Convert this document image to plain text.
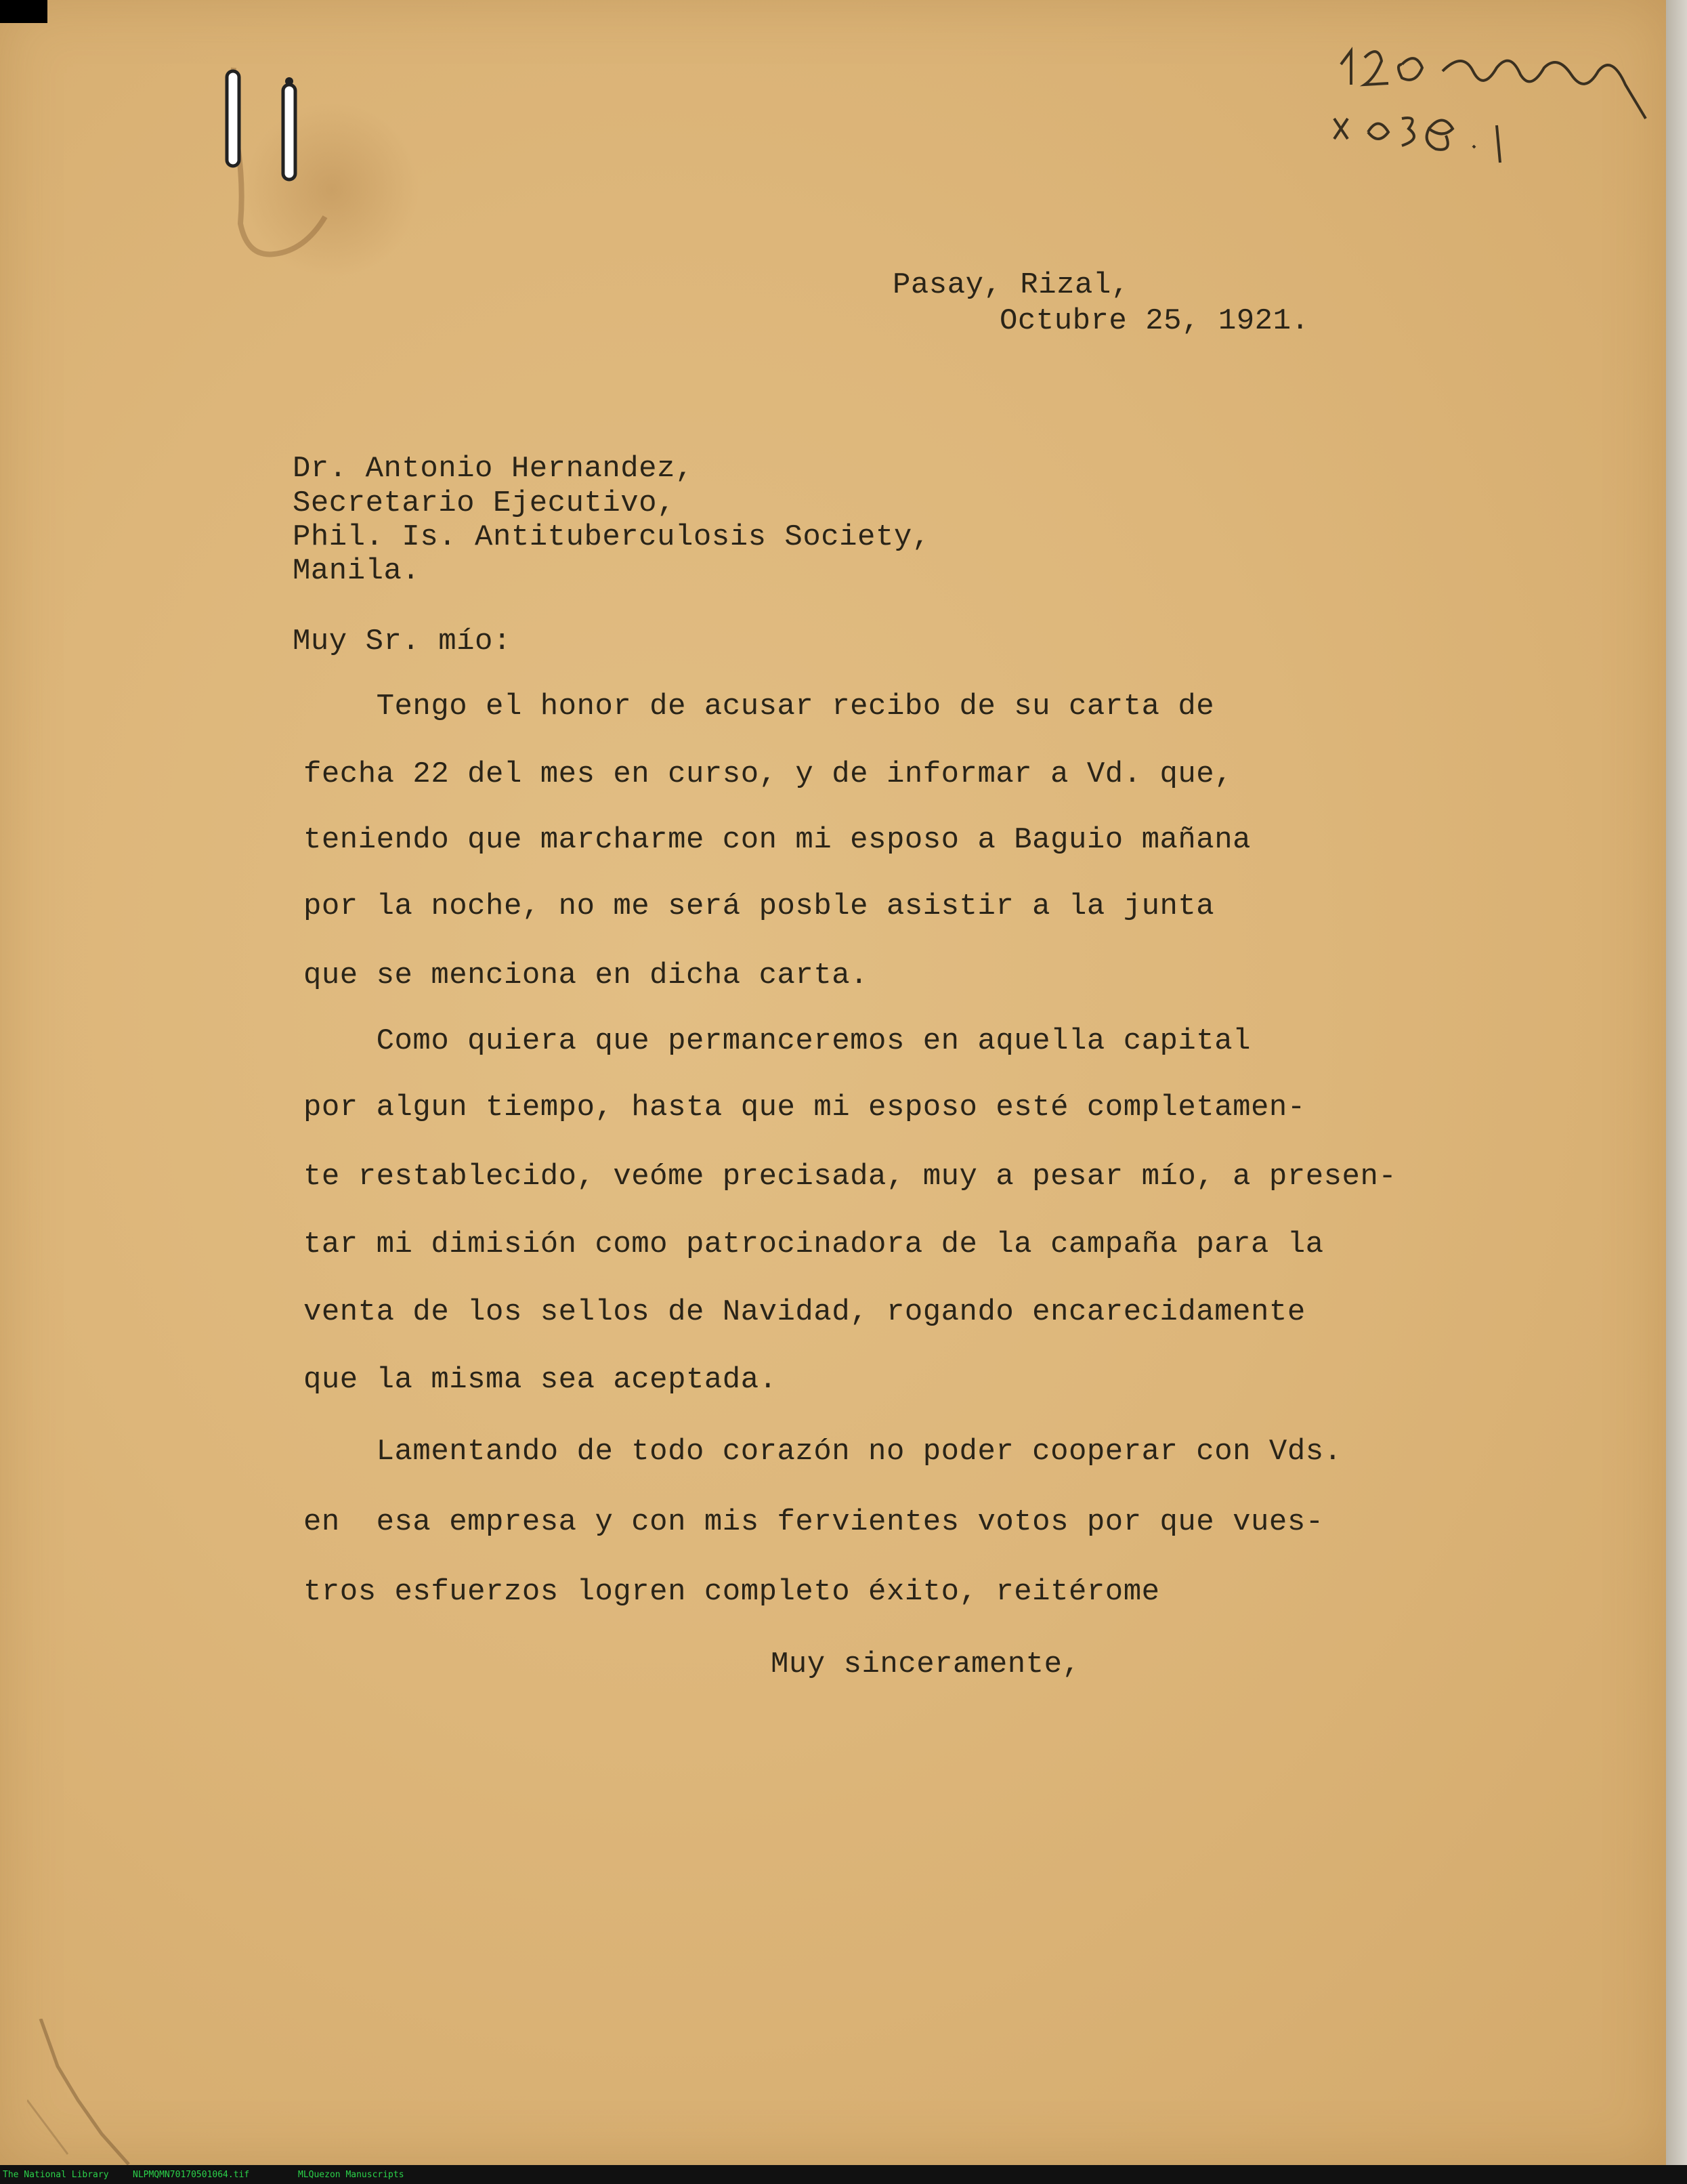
Pasay, Rizal,

Octubre 25, 1921.

Dr. Antonio Hernandez,

Secretario Ejecutivo,

Phil. Is. Antituberculosis Society,

Manila.

Muy Sr. mío:

Tengo el honor de acusar recibo de su carta de

fecha 22 del mes en curso, y de informar a Vd. que,

teniendo que marcharme con mi esposo a Baguio mañana

por la noche, no me será posble asistir a la junta

que se menciona en dicha carta.

Como quiera que permanceremos en aquella capital

por algun tiempo, hasta que mi esposo esté completamen-

te restablecido, veóme precisada, muy a pesar mío, a presen-

tar mi dimisión como patrocinadora de la campaña para la

venta de los sellos de Navidad, rogando encarecidamente

que la misma sea aceptada.

Lamentando de todo corazón no poder cooperar con Vds.

en  esa empresa y con mis fervientes votos por que vues-

tros esfuerzos logren completo éxito, reitérome

Muy sinceramente,

The National Library	NLPMQMN70170501064.tif	MLQuezon Manuscripts
